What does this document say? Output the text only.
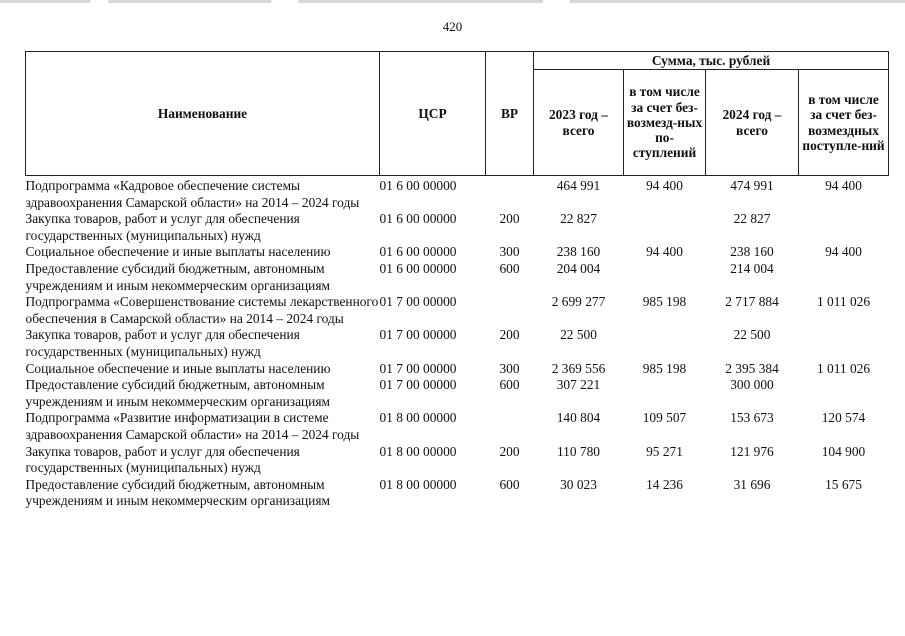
420
Наименование	ЦСР	ВР	Сумма, тыс. рублей			
			2023 год – всего	в том числе за счет без-возмезд-ных по-ступлений	2024 год – всего	в том числе за счет без-возмездных поступле-ний
Подпрограмма «Кадровое обеспечение системы здравоохранения Самарской области» на 2014 – 2024 годы	01 6 00 00000		464 991	94 400	474 991	94 400
Закупка товаров, работ и услуг для обеспечения государственных (муниципальных) нужд	01 6 00 00000	200	22 827		22 827	
Социальное обеспечение и иные выплаты населению	01 6 00 00000	300	238 160	94 400	238 160	94 400
Предоставление субсидий бюджетным, автономным учреждениям и иным некоммерческим организациям	01 6 00 00000	600	204 004		214 004	
Подпрограмма «Совершенствование системы лекарственного обеспечения в Самарской области» на 2014 – 2024 годы	01 7 00 00000		2 699 277	985 198	2 717 884	1 011 026
Закупка товаров, работ и услуг для обеспечения государственных (муниципальных) нужд	01 7 00 00000	200	22 500		22 500	
Социальное обеспечение и иные выплаты населению	01 7 00 00000	300	2 369 556	985 198	2 395 384	1 011 026
Предоставление субсидий бюджетным, автономным учреждениям и иным некоммерческим организациям	01 7 00 00000	600	307 221		300 000	
Подпрограмма «Развитие информатизации в системе здравоохранения Самарской области» на 2014 – 2024 годы	01 8 00 00000		140 804	109 507	153 673	120 574
Закупка товаров, работ и услуг для обеспечения государственных (муниципальных) нужд	01 8 00 00000	200	110 780	95 271	121 976	104 900
Предоставление субсидий бюджетным, автономным учреждениям и иным некоммерческим организациям	01 8 00 00000	600	30 023	14 236	31 696	15 675
